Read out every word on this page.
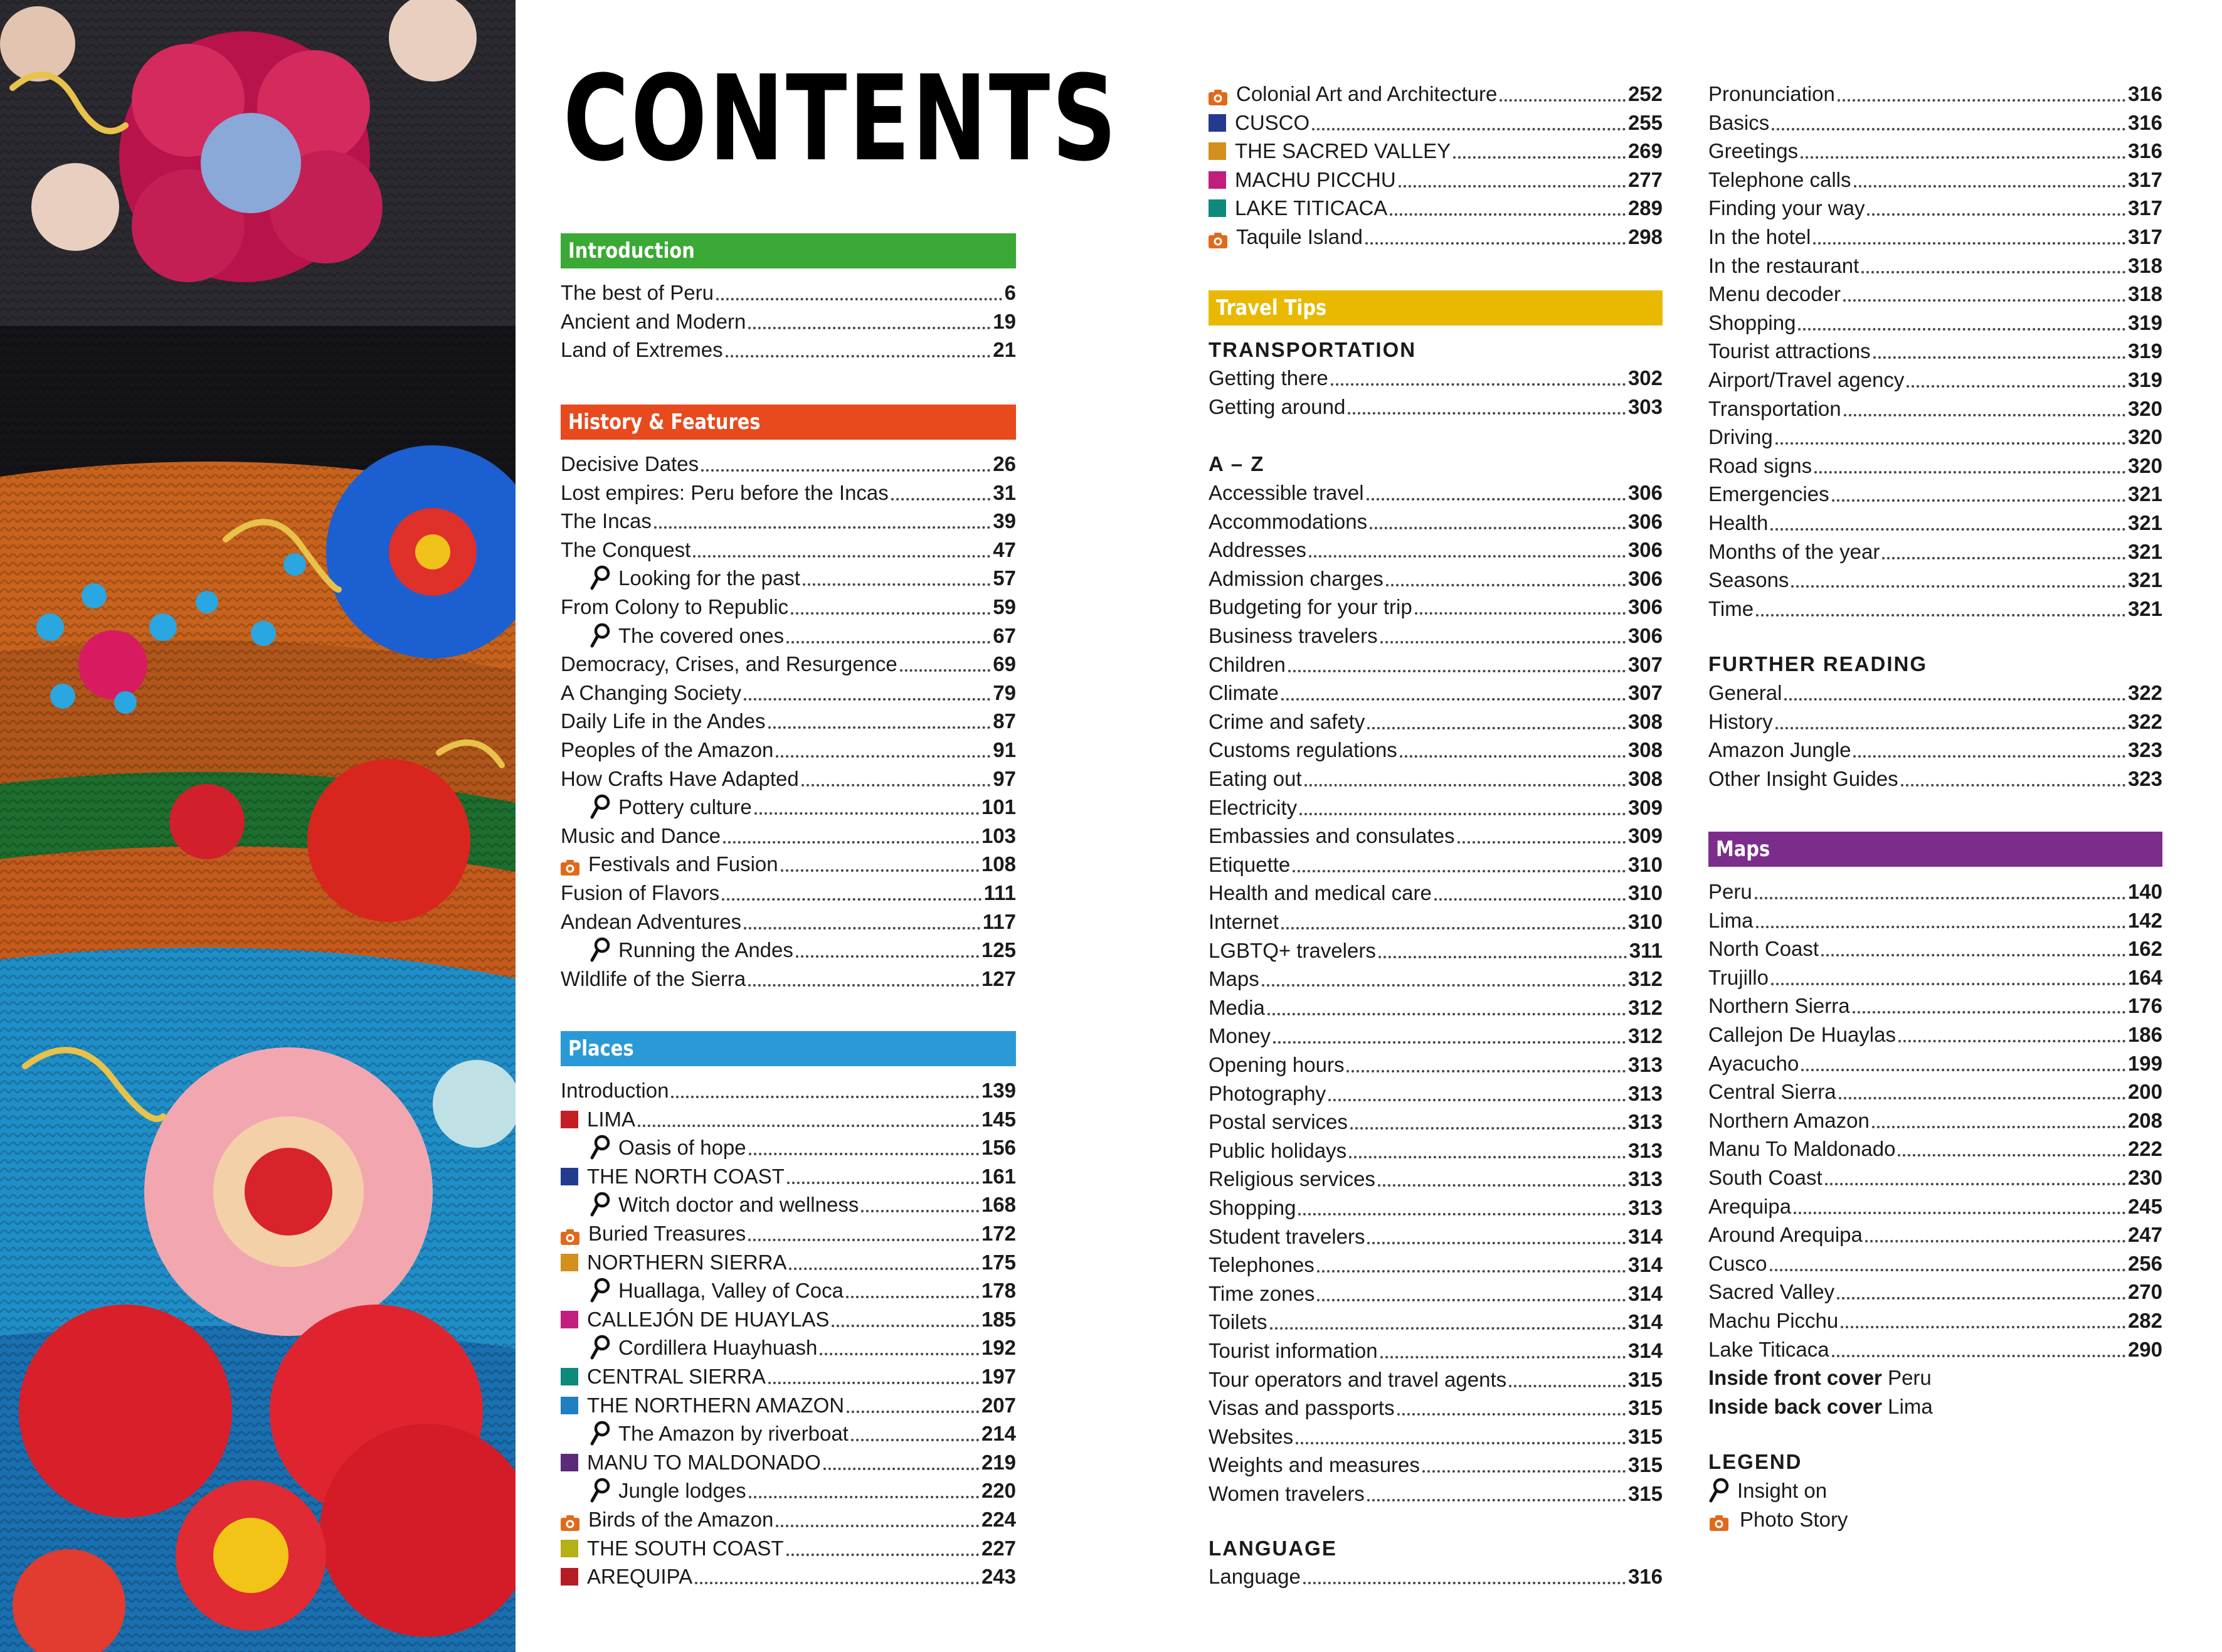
CONTENTS
Introduction
The best of Peru	6
Ancient and Modern	19
Land of Extremes	21
History & Features
Decisive Dates	26
Lost empires: Peru before the Incas	31
The Incas	39
The Conquest	47
Looking for the past	57
From Colony to Republic	59
The covered ones	67
Democracy, Crises, and Resurgence	69
A Changing Society	79
Daily Life in the Andes	87
Peoples of the Amazon	91
How Crafts Have Adapted	97
Pottery culture	101
Music and Dance	103
Festivals and Fusion	108
Fusion of Flavors	111
Andean Adventures	117
Running the Andes	125
Wildlife of the Sierra	127
Places
Introduction	139
LIMA	145
Oasis of hope	156
THE NORTH COAST	161
Witch doctor and wellness	168
Buried Treasures	172
NORTHERN SIERRA	175
Huallaga, Valley of Coca	178
CALLEJÓN DE HUAYLAS	185
Cordillera Huayhuash	192
CENTRAL SIERRA	197
THE NORTHERN AMAZON	207
The Amazon by riverboat	214
MANU TO MALDONADO	219
Jungle lodges	220
Birds of the Amazon	224
THE SOUTH COAST	227
AREQUIPA	243
Colonial Art and Architecture	252
CUSCO	255
THE SACRED VALLEY	269
MACHU PICCHU	277
LAKE TITICACA	289
Taquile Island	298
Travel Tips
TRANSPORTATION
Getting there	302
Getting around	303
A – Z
Accessible travel	306
Accommodations	306
Addresses	306
Admission charges	306
Budgeting for your trip	306
Business travelers	306
Children	307
Climate	307
Crime and safety	308
Customs regulations	308
Eating out	308
Electricity	309
Embassies and consulates	309
Etiquette	310
Health and medical care	310
Internet	310
LGBTQ+ travelers	311
Maps	312
Media	312
Money	312
Opening hours	313
Photography	313
Postal services	313
Public holidays	313
Religious services	313
Shopping	313
Student travelers	314
Telephones	314
Time zones	314
Toilets	314
Tourist information	314
Tour operators and travel agents	315
Visas and passports	315
Websites	315
Weights and measures	315
Women travelers	315
LANGUAGE
Language	316
Pronunciation	316
Basics	316
Greetings	316
Telephone calls	317
Finding your way	317
In the hotel	317
In the restaurant	318
Menu decoder	318
Shopping	319
Tourist attractions	319
Airport/Travel agency	319
Transportation	320
Driving	320
Road signs	320
Emergencies	321
Health	321
Months of the year	321
Seasons	321
Time	321
FURTHER READING
General	322
History	322
Amazon Jungle	323
Other Insight Guides	323
Maps
Peru	140
Lima	142
North Coast	162
Trujillo	164
Northern Sierra	176
Callejon De Huaylas	186
Ayacucho	199
Central Sierra	200
Northern Amazon	208
Manu To Maldonado	222
South Coast	230
Arequipa	245
Around Arequipa	247
Cusco	256
Sacred Valley	270
Machu Picchu	282
Lake Titicaca	290
Inside front cover Peru
Inside back cover Lima
LEGEND
Insight on
Photo Story
